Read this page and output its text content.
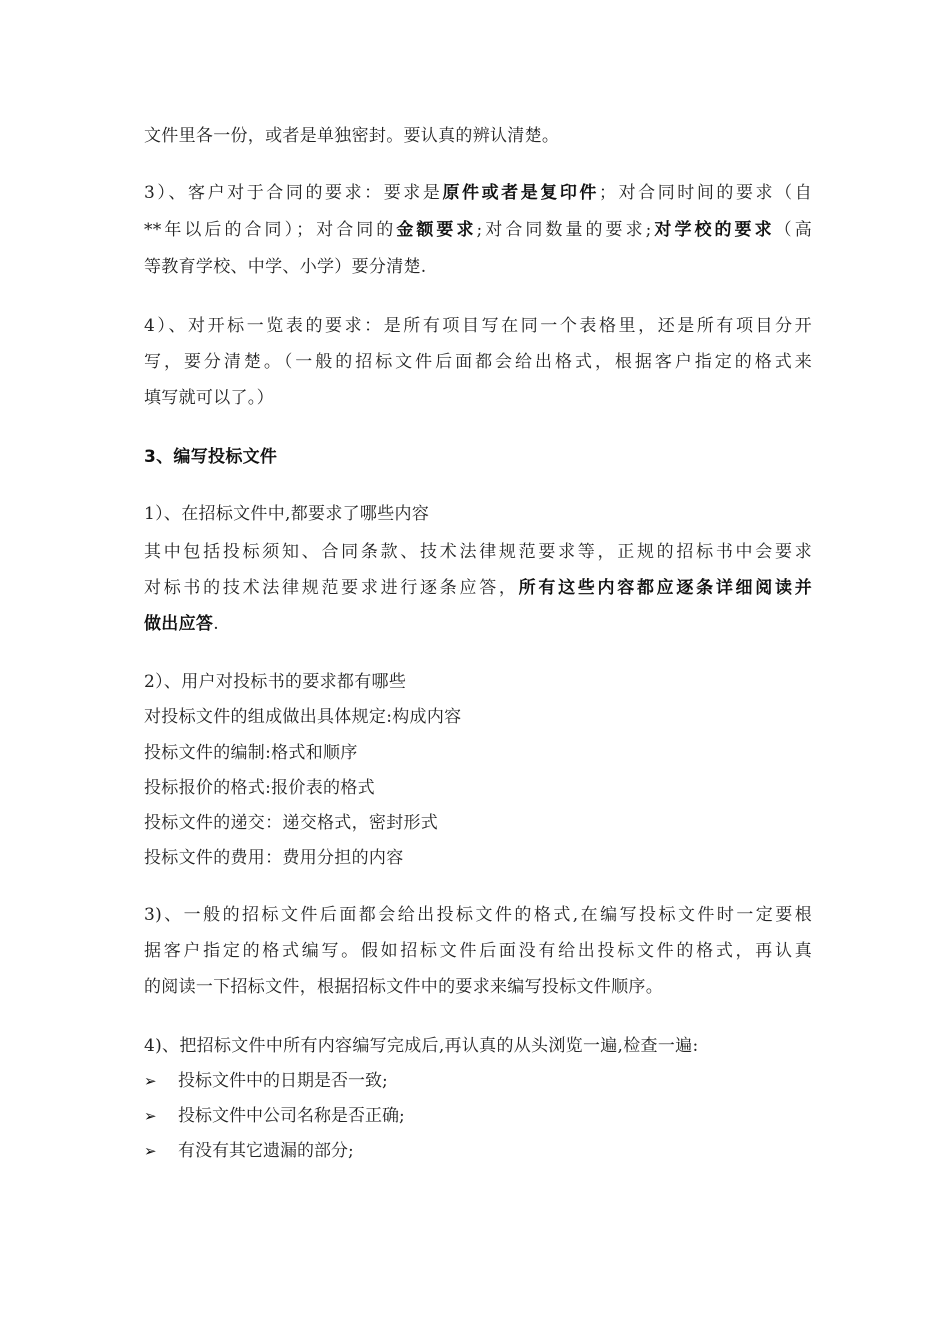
文件里各一份，或者是单独密封。要认真的辨认清楚。
3）、客户对于合同的要求：要求是原件或者是复印件；对合同时间的要求（自
**年以后的合同）；对合同的金额要求;对合同数量的要求;对学校的要求（高
等教育学校、中学、小学）要分清楚.
4）、对开标一览表的要求：是所有项目写在同一个表格里，还是所有项目分开
写，要分清楚。（一般的招标文件后面都会给出格式，根据客户指定的格式来
填写就可以了。）
3、编写投标文件
1）、在招标文件中,都要求了哪些内容
其中包括投标须知、合同条款、技术法律规范要求等，正规的招标书中会要求
对标书的技术法律规范要求进行逐条应答，所有这些内容都应逐条详细阅读并
做出应答.
2）、用户对投标书的要求都有哪些
对投标文件的组成做出具体规定:构成内容
投标文件的编制:格式和顺序
投标报价的格式:报价表的格式
投标文件的递交：递交格式，密封形式
投标文件的费用：费用分担的内容
3)、一般的招标文件后面都会给出投标文件的格式,在编写投标文件时一定要根
据客户指定的格式编写。假如招标文件后面没有给出投标文件的格式，再认真
的阅读一下招标文件，根据招标文件中的要求来编写投标文件顺序。
4)、把招标文件中所有内容编写完成后,再认真的从头浏览一遍,检查一遍:
➢ 投标文件中的日期是否一致;
➢ 投标文件中公司名称是否正确;
➢ 有没有其它遗漏的部分;
